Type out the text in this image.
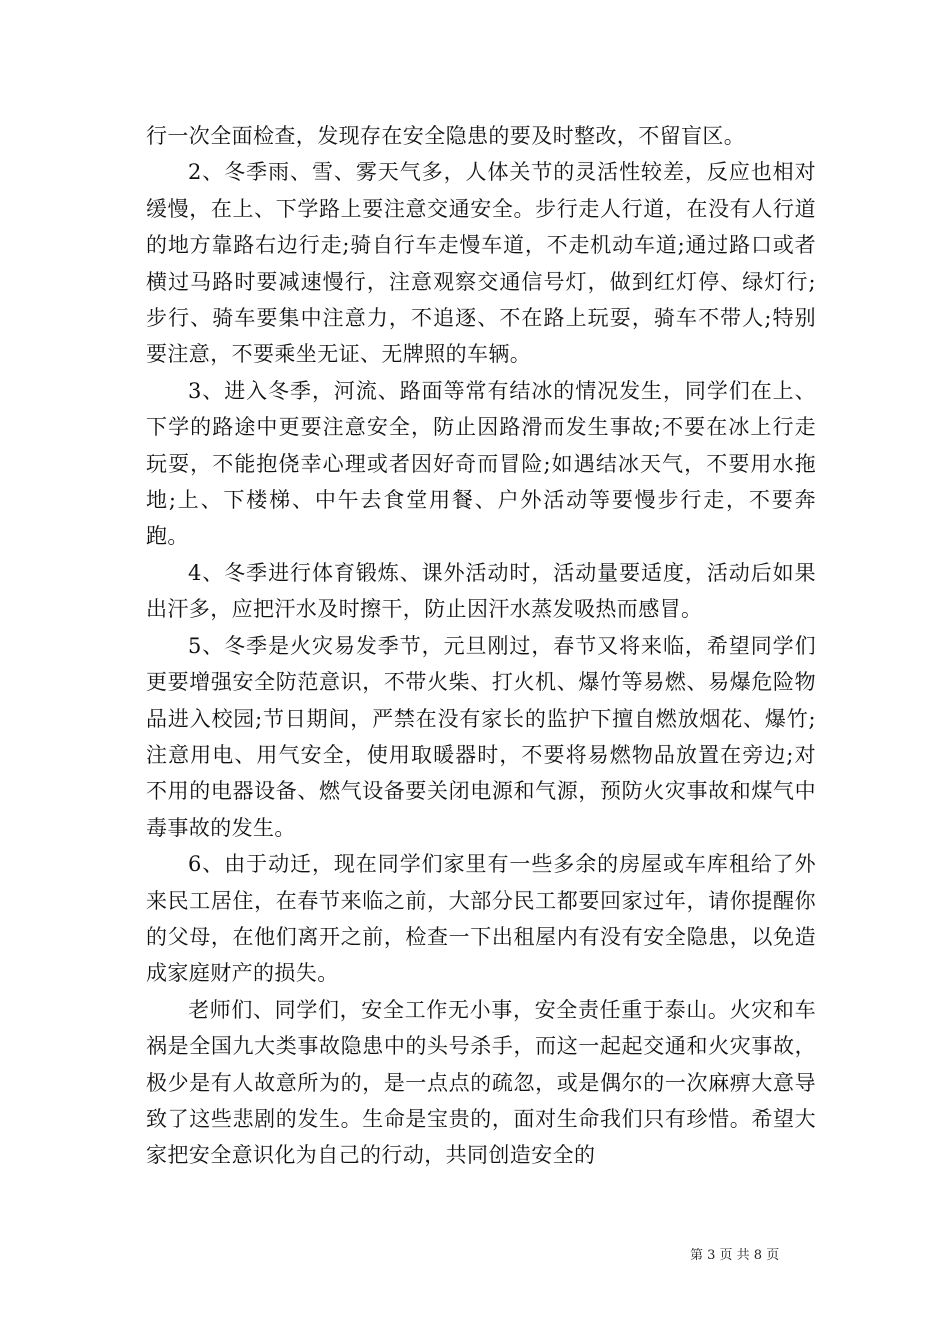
行一次全面检查，发现存在安全隐患的要及时整改，不留盲区。

2、冬季雨、雪、雾天气多，人体关节的灵活性较差，反应也相对缓慢，在上、下学路上要注意交通安全。步行走人行道，在没有人行道的地方靠路右边行走;骑自行车走慢车道，不走机动车道;通过路口或者横过马路时要减速慢行，注意观察交通信号灯，做到红灯停、绿灯行;步行、骑车要集中注意力，不追逐、不在路上玩耍，骑车不带人;特别要注意，不要乘坐无证、无牌照的车辆。

3、进入冬季，河流、路面等常有结冰的情况发生，同学们在上、下学的路途中更要注意安全，防止因路滑而发生事故;不要在冰上行走玩耍，不能抱侥幸心理或者因好奇而冒险;如遇结冰天气，不要用水拖地;上、下楼梯、中午去食堂用餐、户外活动等要慢步行走，不要奔跑。

4、冬季进行体育锻炼、课外活动时，活动量要适度，活动后如果出汗多，应把汗水及时擦干，防止因汗水蒸发吸热而感冒。

5、冬季是火灾易发季节，元旦刚过，春节又将来临，希望同学们更要增强安全防范意识，不带火柴、打火机、爆竹等易燃、易爆危险物品进入校园;节日期间，严禁在没有家长的监护下擅自燃放烟花、爆竹;注意用电、用气安全，使用取暖器时，不要将易燃物品放置在旁边;对不用的电器设备、燃气设备要关闭电源和气源，预防火灾事故和煤气中毒事故的发生。

6、由于动迁，现在同学们家里有一些多余的房屋或车库租给了外来民工居住，在春节来临之前，大部分民工都要回家过年，请你提醒你的父母，在他们离开之前，检查一下出租屋内有没有安全隐患，以免造成家庭财产的损失。

老师们、同学们，安全工作无小事，安全责任重于泰山。火灾和车祸是全国九大类事故隐患中的头号杀手，而这一起起交通和火灾事故，极少是有人故意所为的，是一点点的疏忽，或是偶尔的一次麻痹大意导致了这些悲剧的发生。生命是宝贵的，面对生命我们只有珍惜。希望大家把安全意识化为自己的行动，共同创造安全的

第 3 页 共 8 页
